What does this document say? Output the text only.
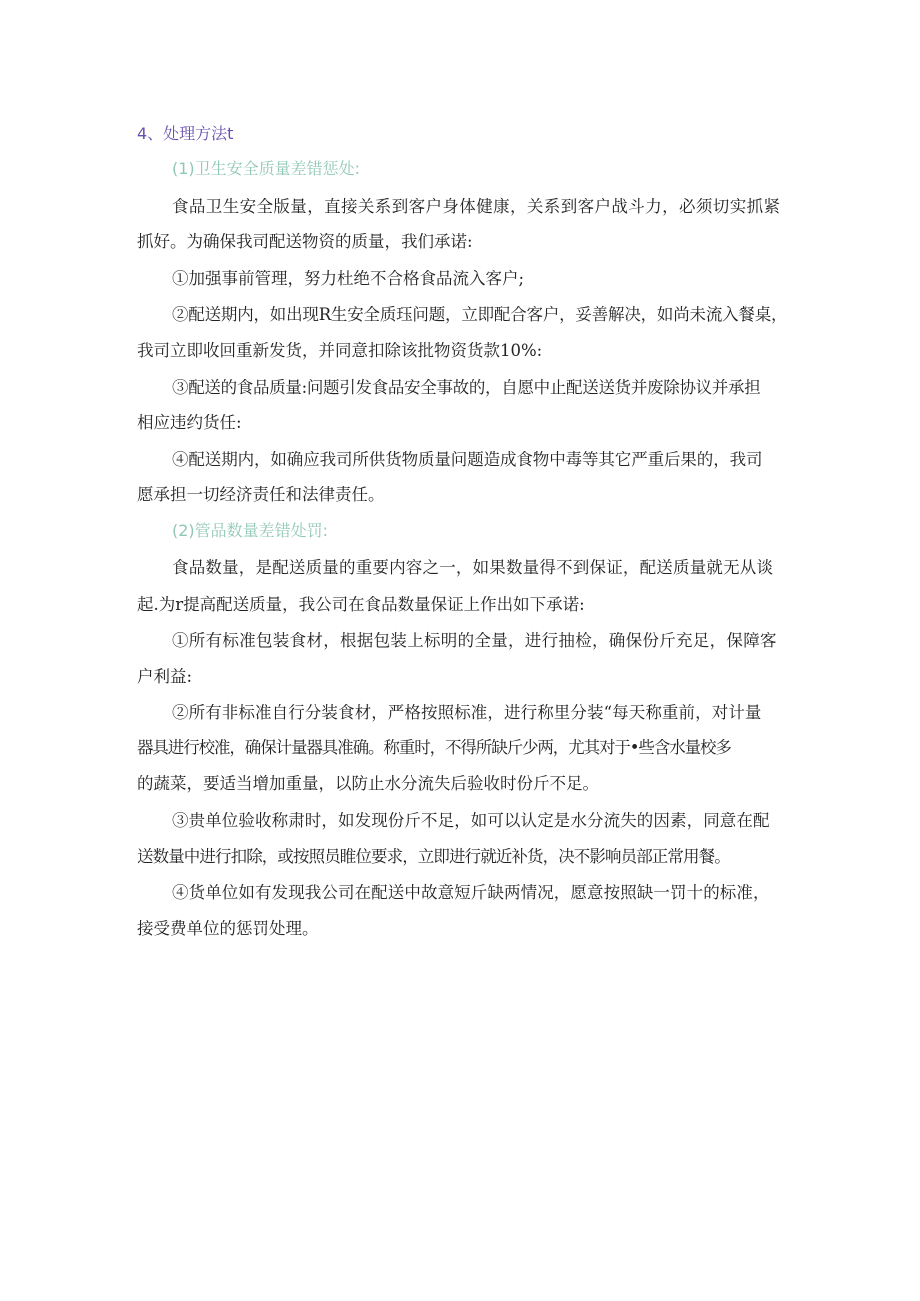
4、处理方法t

(1)卫生安全质量差错惩处:

食品卫生安全版量，直接关系到客户身体健康，关系到客户战斗力，必须切实抓紧

抓好。为确保我司配送物资的质量，我们承诺:

①加强事前管理，努力杜绝不合格食品流入客户;

②配送期内，如出现R生安全质珏问题，立即配合客户，妥善解决，如尚未流入餐桌，

我司立即收回重新发货，并同意扣除该批物资货款10%:

③配送的食品质量:问题引发食品安全事故的，自愿中止配送送货并废除协议并承担

相应违约货任:

④配送期内，如确应我司所供货物质量问题造成食物中毒等其它严重后果的，我司

愿承担一切经济责任和法律责任。

(2)管品数量差错处罚:

食品数量，是配送质量的重要内容之一，如果数量得不到保证，配送质量就无从谈

起.为r提高配送质量，我公司在食品数量保证上作出如下承诺:

①所有标准包装食材，根据包装上标明的全量，进行抽检，确保份斤充足，保障客

户利益:

②所有非标准自行分装食材，严格按照标准，进行称里分装“每天称重前，对计量

器具进行校准，确保计量器具准确。称重时，不得所缺斤少两，尤其对于•些含水量校多

的蔬菜，要适当增加重量，以防止水分流失后验收时份斤不足。

③贵单位验收称肃时，如发现份斤不足，如可以认定是水分流失的因素，同意在配

送数量中进行扣除，或按照员睢位要求，立即进行就近补货，决不影响员部正常用餐。

④货单位如有发现我公司在配送中故意短斤缺两情况，愿意按照缺一罚十的标准，

接受费单位的惩罚处理。
